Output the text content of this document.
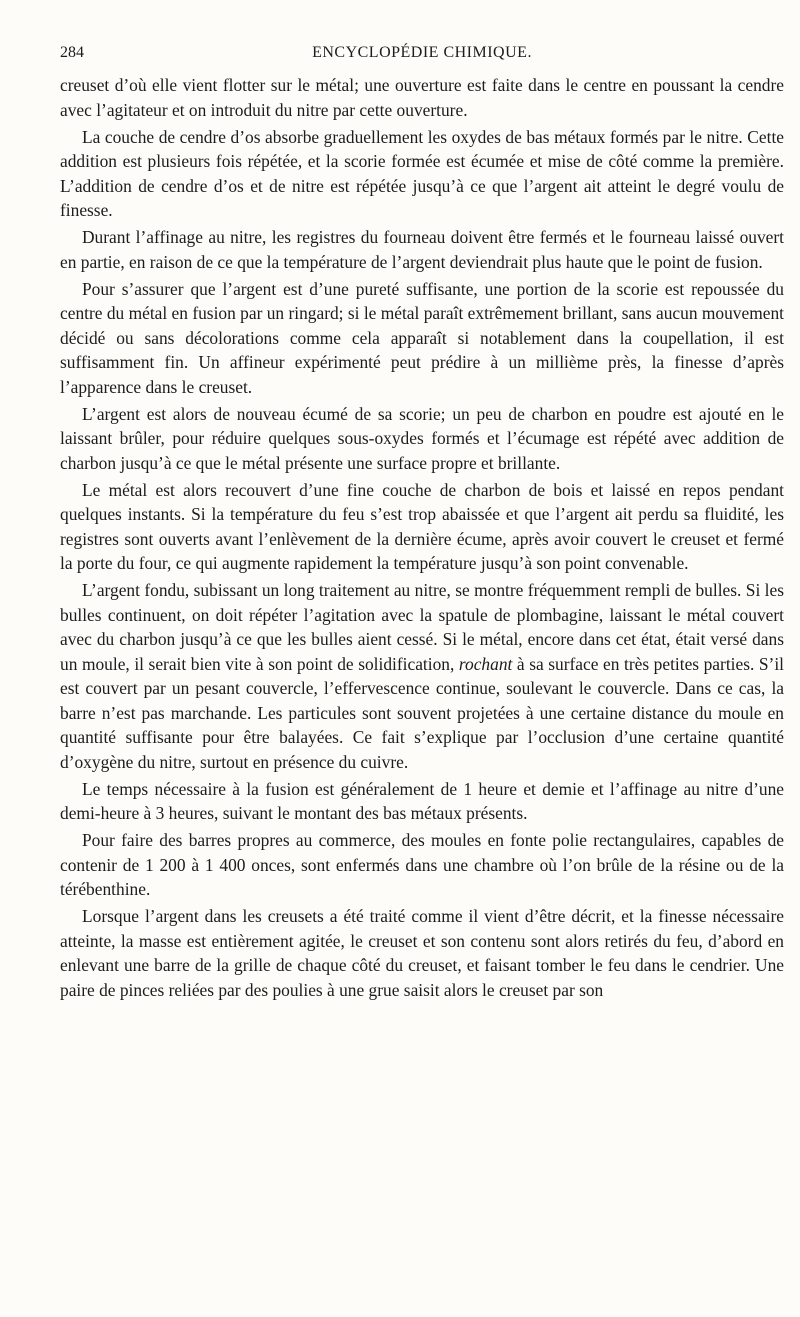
284	ENCYCLOPÉDIE CHIMIQUE.

creuset d’où elle vient flotter sur le métal; une ouverture est faite dans le centre en poussant la cendre avec l’agitateur et on introduit du nitre par cette ouverture.

La couche de cendre d’os absorbe graduellement les oxydes de bas métaux formés par le nitre. Cette addition est plusieurs fois répétée, et la scorie formée est écumée et mise de côté comme la première. L’addition de cendre d’os et de nitre est répétée jusqu’à ce que l’argent ait atteint le degré voulu de finesse.

Durant l’affinage au nitre, les registres du fourneau doivent être fermés et le fourneau laissé ouvert en partie, en raison de ce que la température de l’argent deviendrait plus haute que le point de fusion.

Pour s’assurer que l’argent est d’une pureté suffisante, une portion de la scorie est repoussée du centre du métal en fusion par un ringard; si le métal paraît extrêmement brillant, sans aucun mouvement décidé ou sans décolorations comme cela apparaît si notablement dans la coupellation, il est suffisamment fin. Un affineur expérimenté peut prédire à un millième près, la finesse d’après l’apparence dans le creuset.

L’argent est alors de nouveau écumé de sa scorie; un peu de charbon en poudre est ajouté en le laissant brûler, pour réduire quelques sous-oxydes formés et l’écumage est répété avec addition de charbon jusqu’à ce que le métal présente une surface propre et brillante.

Le métal est alors recouvert d’une fine couche de charbon de bois et laissé en repos pendant quelques instants. Si la température du feu s’est trop abaissée et que l’argent ait perdu sa fluidité, les registres sont ouverts avant l’enlèvement de la dernière écume, après avoir couvert le creuset et fermé la porte du four, ce qui augmente rapidement la température jusqu’à son point convenable.

L’argent fondu, subissant un long traitement au nitre, se montre fréquemment rempli de bulles. Si les bulles continuent, on doit répéter l’agitation avec la spatule de plombagine, laissant le métal couvert avec du charbon jusqu’à ce que les bulles aient cessé. Si le métal, encore dans cet état, était versé dans un moule, il serait bien vite à son point de solidification, rochant à sa surface en très petites parties. S’il est couvert par un pesant couvercle, l’effervescence continue, soulevant le couvercle. Dans ce cas, la barre n’est pas marchande. Les particules sont souvent projetées à une certaine distance du moule en quantité suffisante pour être balayées. Ce fait s’explique par l’occlusion d’une certaine quantité d’oxygène du nitre, surtout en présence du cuivre.

Le temps nécessaire à la fusion est généralement de 1 heure et demie et l’affinage au nitre d’une demi-heure à 3 heures, suivant le montant des bas métaux présents.

Pour faire des barres propres au commerce, des moules en fonte polie rectangulaires, capables de contenir de 1 200 à 1 400 onces, sont enfermés dans une chambre où l’on brûle de la résine ou de la térébenthine.

Lorsque l’argent dans les creusets a été traité comme il vient d’être décrit, et la finesse nécessaire atteinte, la masse est entièrement agitée, le creuset et son contenu sont alors retirés du feu, d’abord en enlevant une barre de la grille de chaque côté du creuset, et faisant tomber le feu dans le cendrier. Une paire de pinces reliées par des poulies à une grue saisit alors le creuset par son
